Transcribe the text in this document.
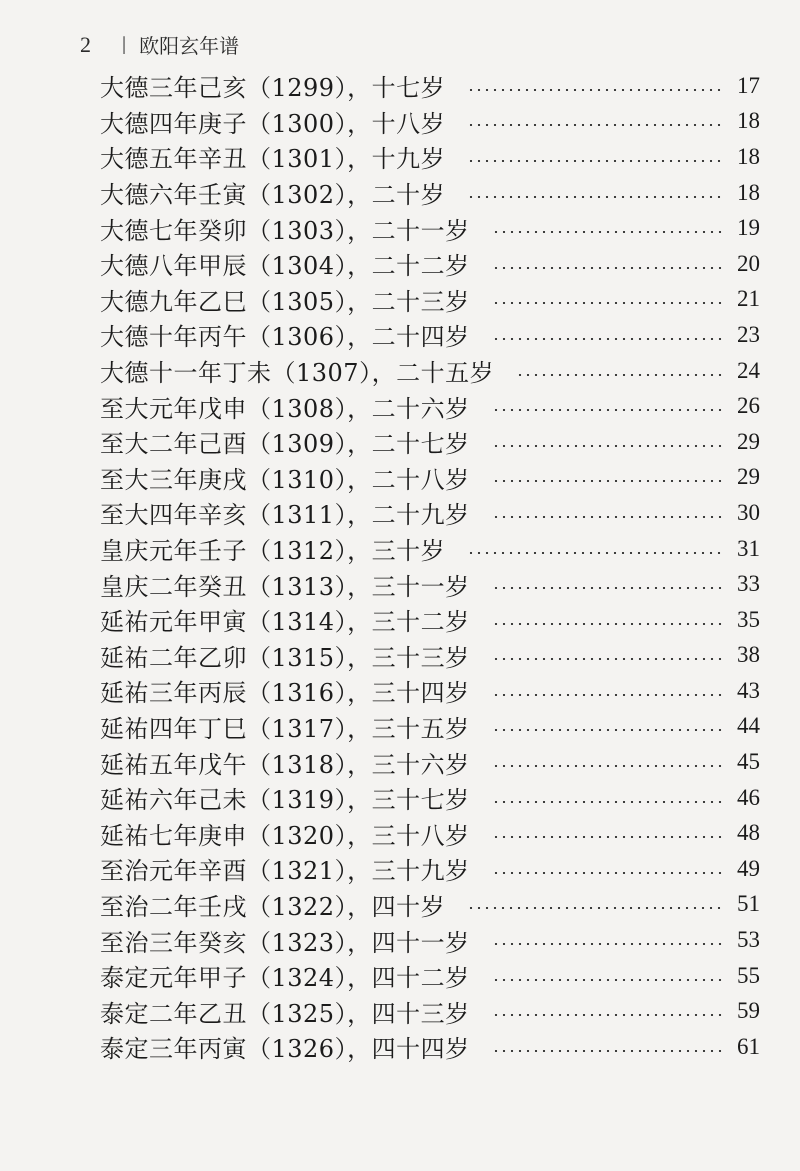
2 | 欧阳玄年谱
大德三年己亥（1299），十七岁	17
大德四年庚子（1300），十八岁	18
大德五年辛丑（1301），十九岁	18
大德六年壬寅（1302），二十岁	18
大德七年癸卯（1303），二十一岁	19
大德八年甲辰（1304），二十二岁	20
大德九年乙巳（1305），二十三岁	21
大德十年丙午（1306），二十四岁	23
大德十一年丁未（1307），二十五岁	24
至大元年戊申（1308），二十六岁	26
至大二年己酉（1309），二十七岁	29
至大三年庚戌（1310），二十八岁	29
至大四年辛亥（1311），二十九岁	30
皇庆元年壬子（1312），三十岁	31
皇庆二年癸丑（1313），三十一岁	33
延祐元年甲寅（1314），三十二岁	35
延祐二年乙卯（1315），三十三岁	38
延祐三年丙辰（1316），三十四岁	43
延祐四年丁巳（1317），三十五岁	44
延祐五年戊午（1318），三十六岁	45
延祐六年己未（1319），三十七岁	46
延祐七年庚申（1320），三十八岁	48
至治元年辛酉（1321），三十九岁	49
至治二年壬戌（1322），四十岁	51
至治三年癸亥（1323），四十一岁	53
泰定元年甲子（1324），四十二岁	55
泰定二年乙丑（1325），四十三岁	59
泰定三年丙寅（1326），四十四岁	61
